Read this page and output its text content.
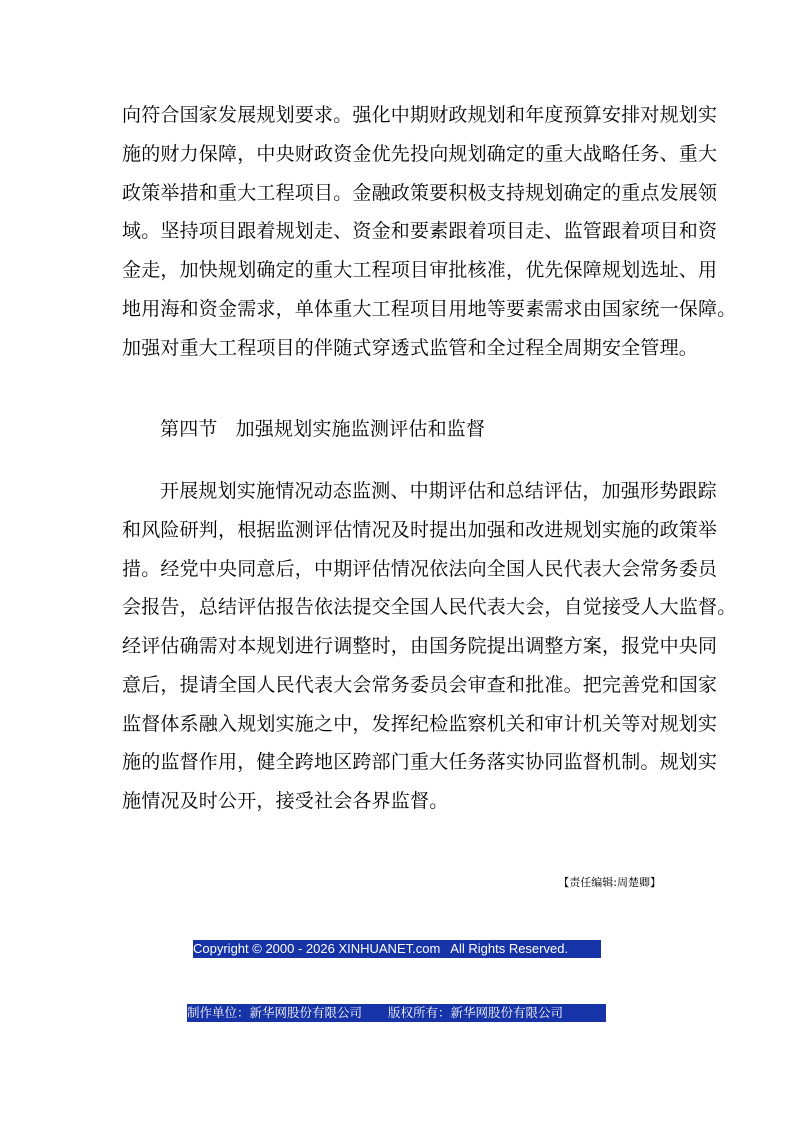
向符合国家发展规划要求。强化中期财政规划和年度预算安排对规划实
施的财力保障，中央财政资金优先投向规划确定的重大战略任务、重大
政策举措和重大工程项目。金融政策要积极支持规划确定的重点发展领
域。坚持项目跟着规划走、资金和要素跟着项目走、监管跟着项目和资
金走，加快规划确定的重大工程项目审批核准，优先保障规划选址、用
地用海和资金需求，单体重大工程项目用地等要素需求由国家统一保障。
加强对重大工程项目的伴随式穿透式监管和全过程全周期安全管理。
第四节 加强规划实施监测评估和监督
开展规划实施情况动态监测、中期评估和总结评估，加强形势跟踪
和风险研判，根据监测评估情况及时提出加强和改进规划实施的政策举
措。经党中央同意后，中期评估情况依法向全国人民代表大会常务委员
会报告，总结评估报告依法提交全国人民代表大会，自觉接受人大监督。
经评估确需对本规划进行调整时，由国务院提出调整方案，报党中央同
意后，提请全国人民代表大会常务委员会审查和批准。把完善党和国家
监督体系融入规划实施之中，发挥纪检监察机关和审计机关等对规划实
施的监督作用，健全跨地区跨部门重大任务落实协同监督机制。规划实
施情况及时公开，接受社会各界监督。
【责任编辑:周楚卿】
Copyright © 2000 - 2026 XINHUANET.com All Rights Reserved.
制作单位：新华网股份有限公司 版权所有：新华网股份有限公司
